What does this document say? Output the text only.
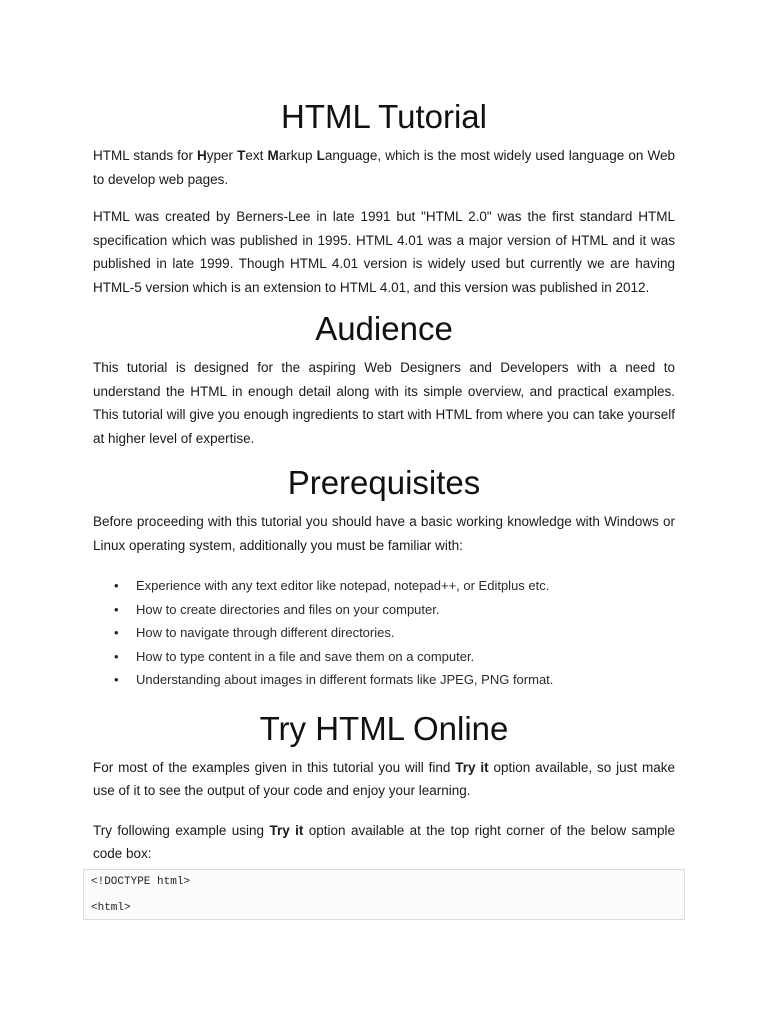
HTML Tutorial

HTML stands for Hyper Text Markup Language, which is the most widely used language on Web to develop web pages.

HTML was created by Berners-Lee in late 1991 but "HTML 2.0" was the first standard HTML specification which was published in 1995. HTML 4.01 was a major version of HTML and it was published in late 1999. Though HTML 4.01 version is widely used but currently we are having HTML-5 version which is an extension to HTML 4.01, and this version was published in 2012.

Audience

This tutorial is designed for the aspiring Web Designers and Developers with a need to understand the HTML in enough detail along with its simple overview, and practical examples. This tutorial will give you enough ingredients to start with HTML from where you can take yourself at higher level of expertise.

Prerequisites

Before proceeding with this tutorial you should have a basic working knowledge with Windows or Linux operating system, additionally you must be familiar with:

• Experience with any text editor like notepad, notepad++, or Editplus etc.
• How to create directories and files on your computer.
• How to navigate through different directories.
• How to type content in a file and save them on a computer.
• Understanding about images in different formats like JPEG, PNG format.
Try HTML Online

For most of the examples given in this tutorial you will find Try it option available, so just make use of it to see the output of your code and enjoy your learning.

Try following example using Try it option available at the top right corner of the below sample code box:

<!DOCTYPE html>
<html>
